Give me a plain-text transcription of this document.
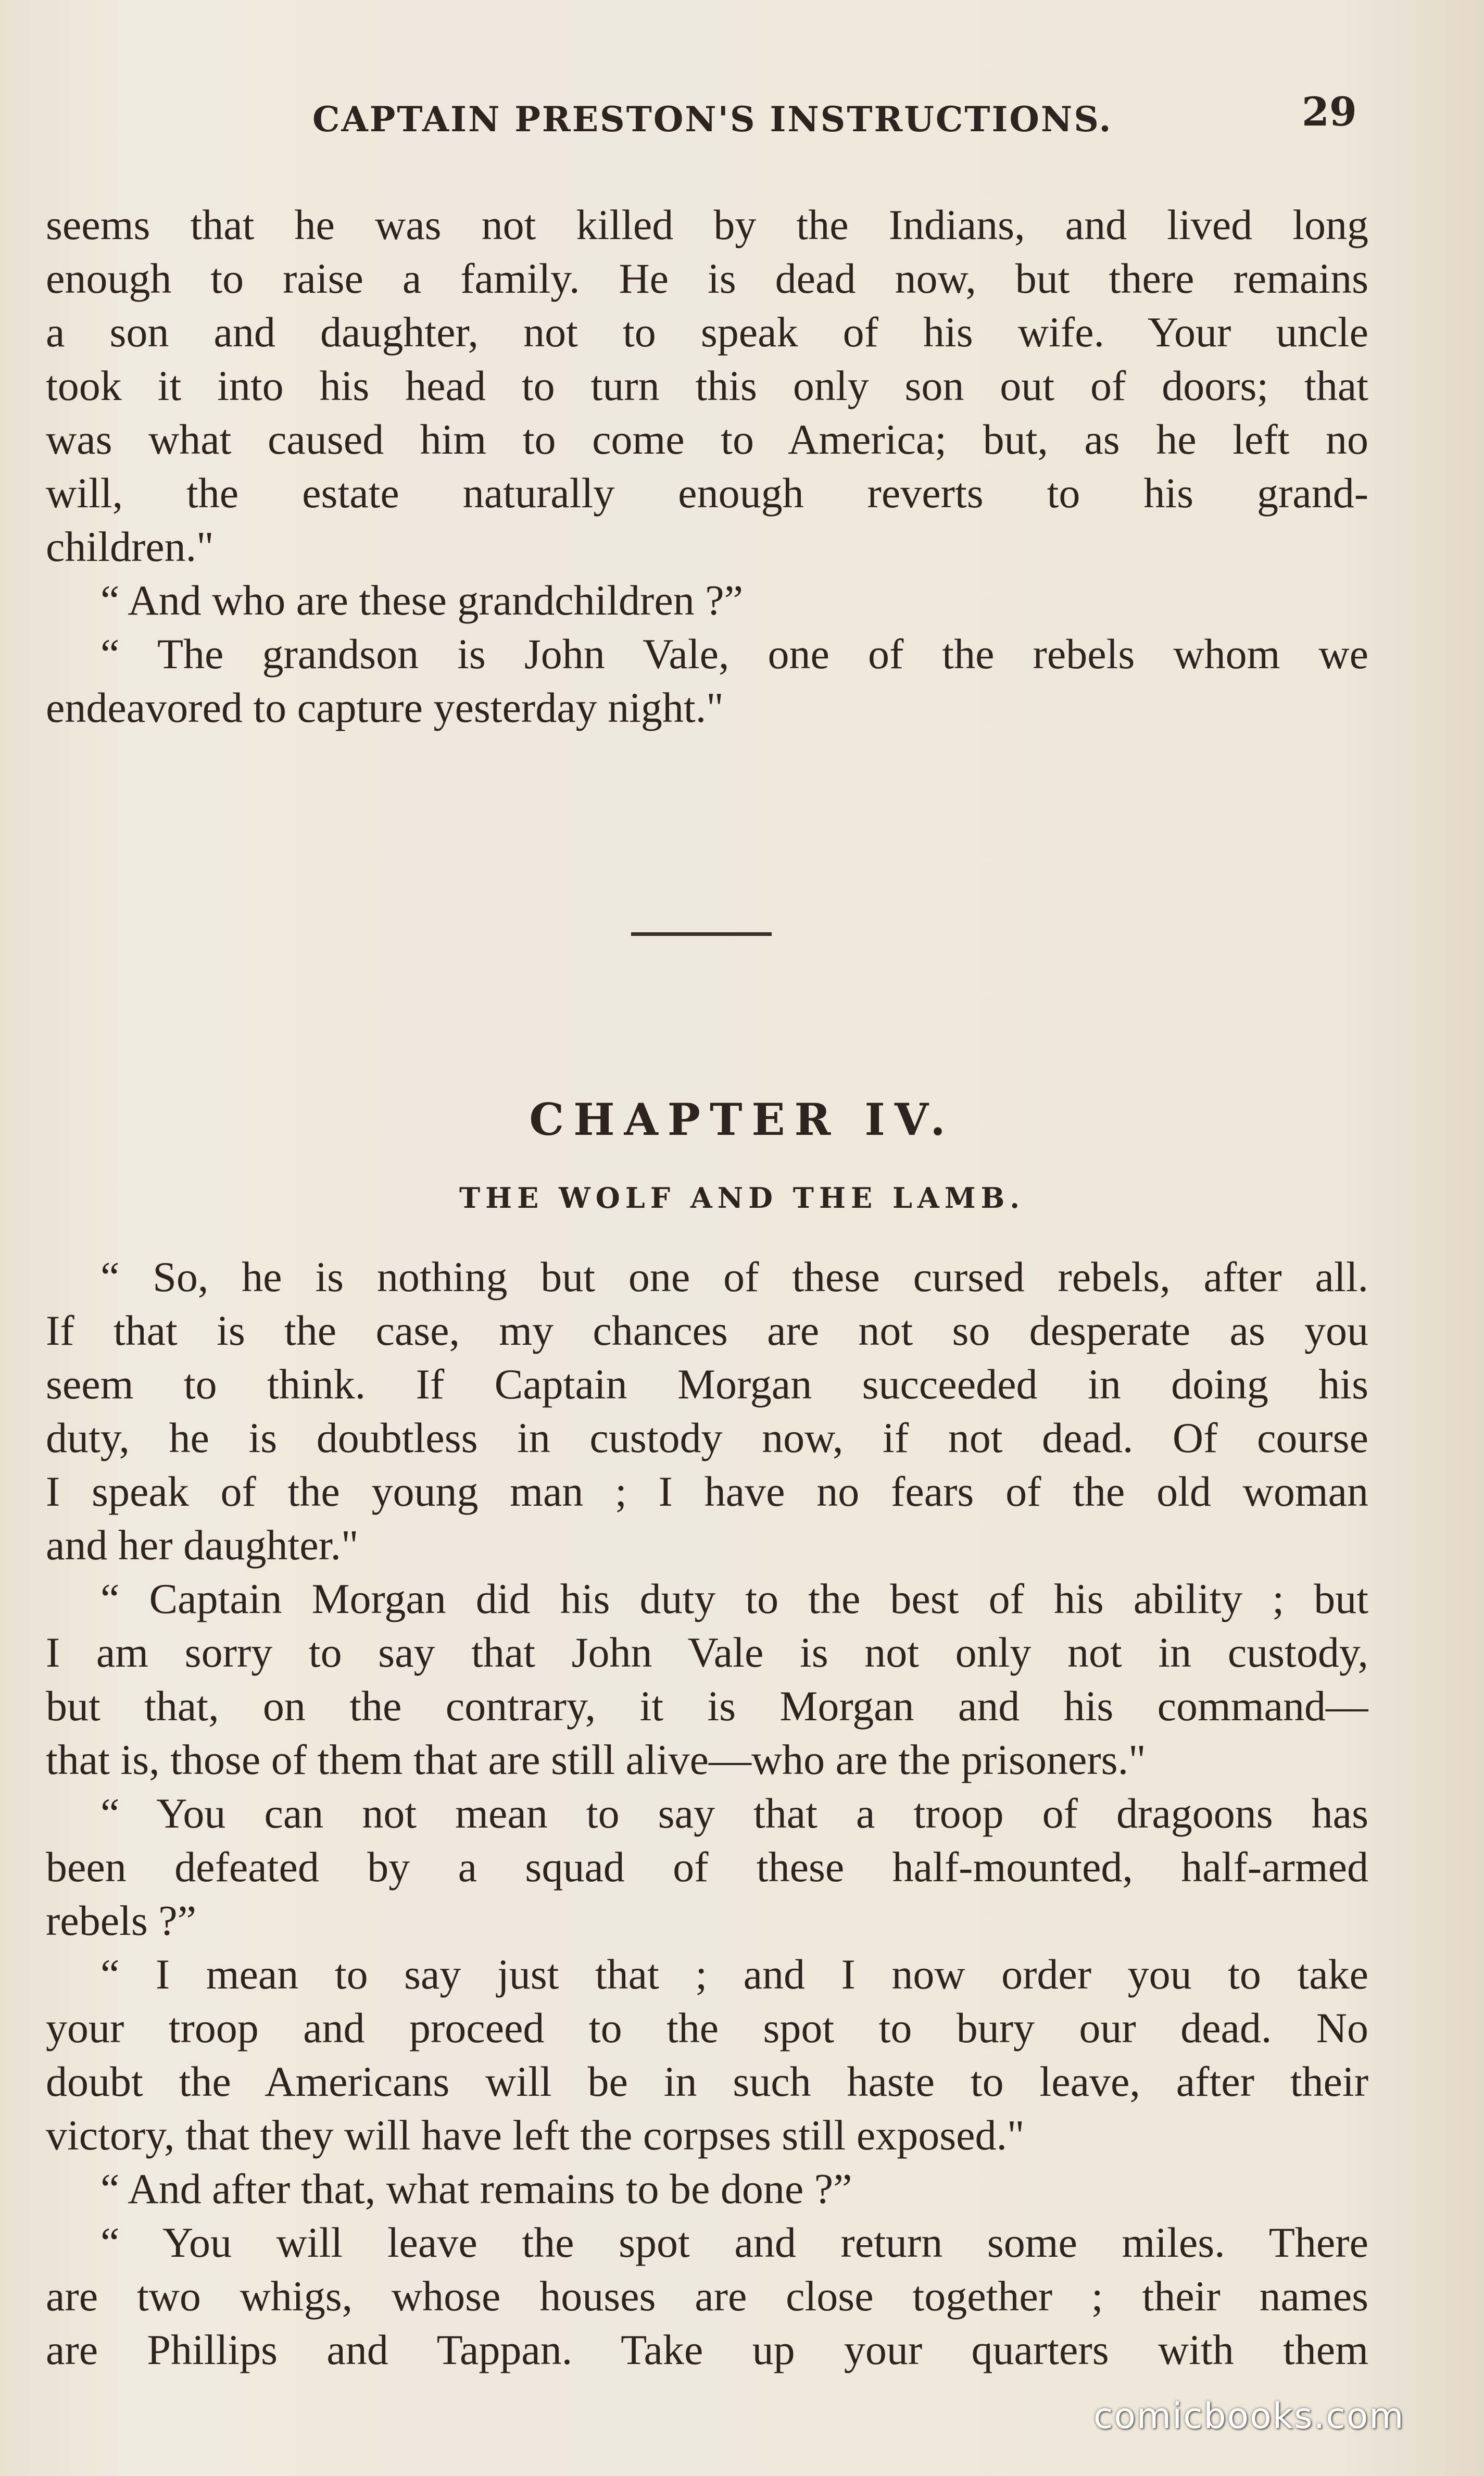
CAPTAIN PRESTON'S INSTRUCTIONS.	29
seems that he was not killed by the Indians, and lived long
enough to raise a family. He is dead now, but there remains
a son and daughter, not to speak of his wife. Your uncle
took it into his head to turn this only son out of doors; that
was what caused him to come to America; but, as he left no
will, the estate naturally enough reverts to his grand-
children."
“ And who are these grandchildren ?”
“ The grandson is John Vale, one of the rebels whom we
endeavored to capture yesterday night."
CHAPTER IV.
THE WOLF AND THE LAMB.
“ So, he is nothing but one of these cursed rebels, after all.
If that is the case, my chances are not so desperate as you
seem to think. If Captain Morgan succeeded in doing his
duty, he is doubtless in custody now, if not dead. Of course
I speak of the young man ; I have no fears of the old woman
and her daughter."
“ Captain Morgan did his duty to the best of his ability ; but
I am sorry to say that John Vale is not only not in custody,
but that, on the contrary, it is Morgan and his command—
that is, those of them that are still alive—who are the prisoners."
“ You can not mean to say that a troop of dragoons has
been defeated by a squad of these half-mounted, half-armed
rebels ?”
“ I mean to say just that ; and I now order you to take
your troop and proceed to the spot to bury our dead. No
doubt the Americans will be in such haste to leave, after their
victory, that they will have left the corpses still exposed."
“ And after that, what remains to be done ?”
“ You will leave the spot and return some miles. There
are two whigs, whose houses are close together ; their names
are Phillips and Tappan. Take up your quarters with them
comicbooks.com
